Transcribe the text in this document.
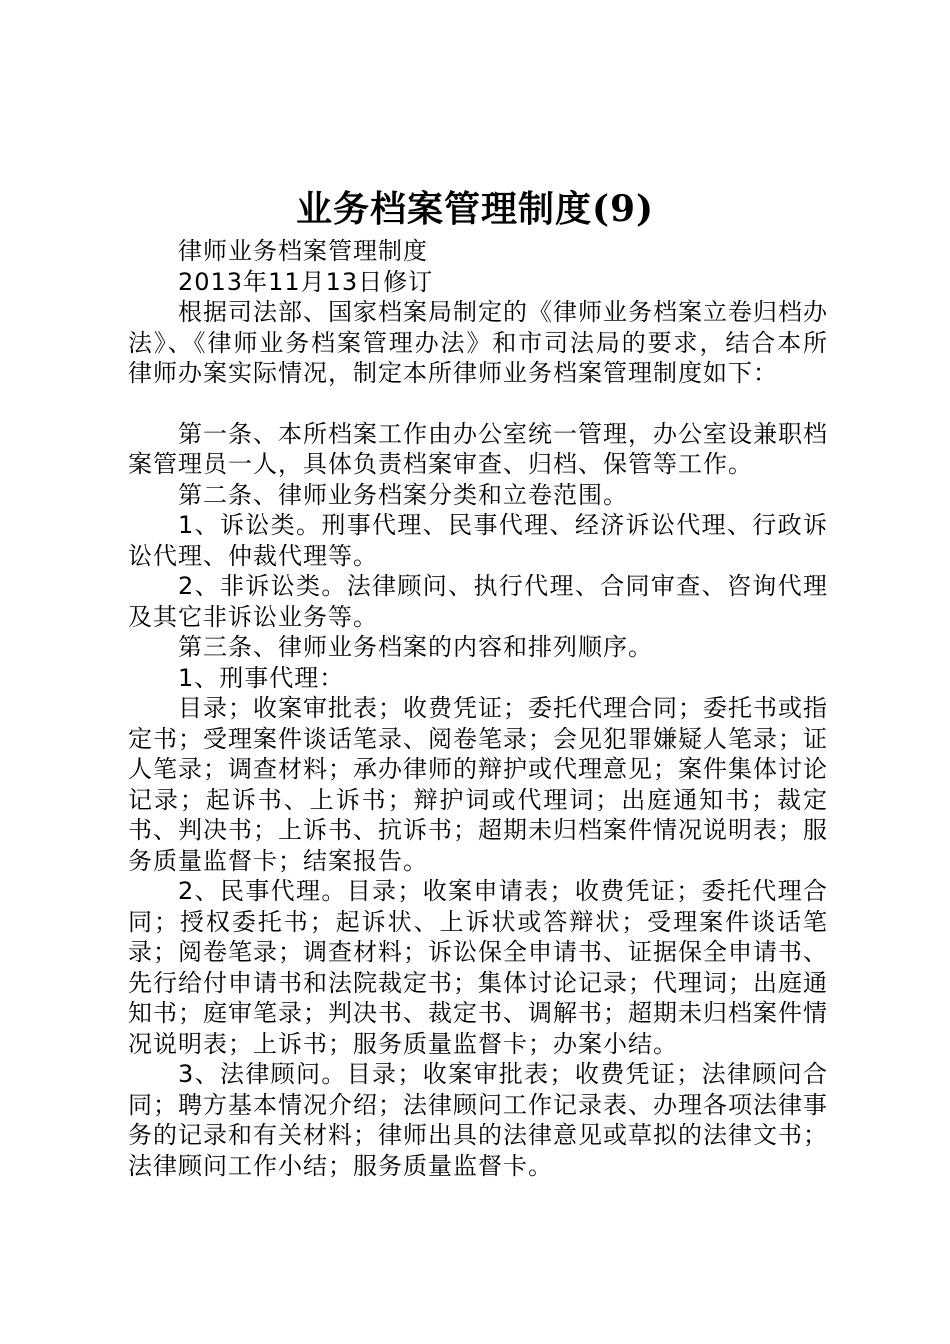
业务档案管理制度(9)

律师业务档案管理制度

2013年11月13日修订

根据司法部、国家档案局制定的《律师业务档案立卷归档办法》、《律师业务档案管理办法》和市司法局的要求，结合本所律师办案实际情况，制定本所律师业务档案管理制度如下：

第一条、本所档案工作由办公室统一管理，办公室设兼职档案管理员一人，具体负责档案审查、归档、保管等工作。

第二条、律师业务档案分类和立卷范围。

1、诉讼类。刑事代理、民事代理、经济诉讼代理、行政诉讼代理、仲裁代理等。

2、非诉讼类。法律顾问、执行代理、合同审查、咨询代理及其它非诉讼业务等。

第三条、律师业务档案的内容和排列顺序。

1、刑事代理：

目录；收案审批表；收费凭证；委托代理合同；委托书或指定书；受理案件谈话笔录、阅卷笔录；会见犯罪嫌疑人笔录；证人笔录；调查材料；承办律师的辩护或代理意见；案件集体讨论记录；起诉书、上诉书；辩护词或代理词；出庭通知书；裁定书、判决书；上诉书、抗诉书；超期未归档案件情况说明表；服务质量监督卡；结案报告。

2、民事代理。目录；收案申请表；收费凭证；委托代理合同；授权委托书；起诉状、上诉状或答辩状；受理案件谈话笔录；阅卷笔录；调查材料；诉讼保全申请书、证据保全申请书、先行给付申请书和法院裁定书；集体讨论记录；代理词；出庭通知书；庭审笔录；判决书、裁定书、调解书；超期未归档案件情况说明表；上诉书；服务质量监督卡；办案小结。

3、法律顾问。目录；收案审批表；收费凭证；法律顾问合同；聘方基本情况介绍；法律顾问工作记录表、办理各项法律事务的记录和有关材料；律师出具的法律意见或草拟的法律文书；法律顾问工作小结；服务质量监督卡。
